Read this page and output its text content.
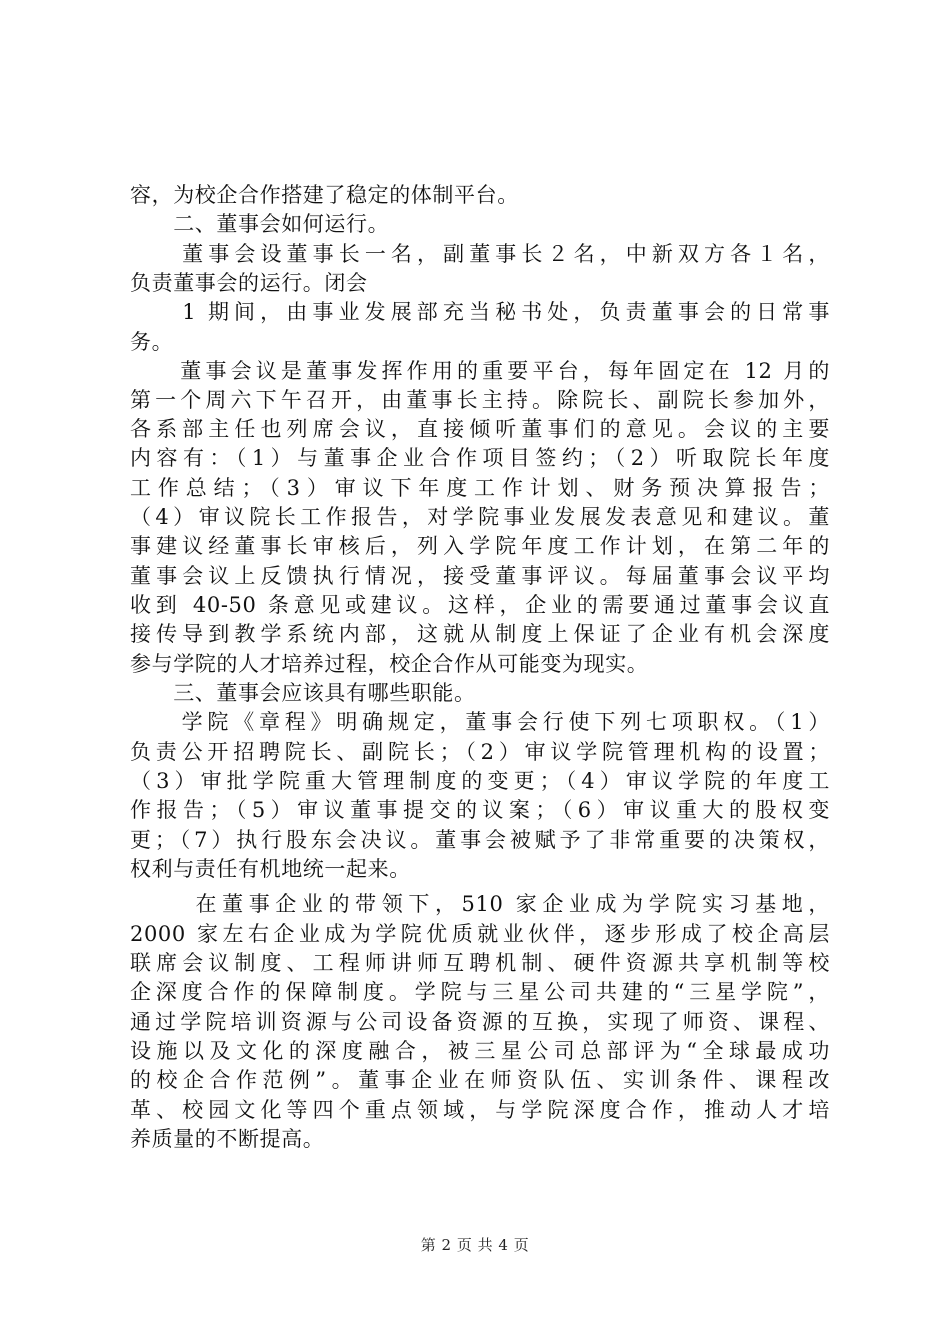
容，为校企合作搭建了稳定的体制平台。
　　二、董事会如何运行。
　　董事会设董事长一名，副董事长２名，中新双方各１名，
负责董事会的运行。闭会
　　1 期间，由事业发展部充当秘书处，负责董事会的日常事
务。
　　董事会议是董事发挥作用的重要平台，每年固定在 12 月的
第一个周六下午召开，由董事长主持。除院长、副院长参加外，
各系部主任也列席会议，直接倾听董事们的意见。会议的主要
内容有：（1）与董事企业合作项目签约；（2）听取院长年度
工作总结；（3）审议下年度工作计划、财务预决算报告；
（4）审议院长工作报告，对学院事业发展发表意见和建议。董
事建议经董事长审核后，列入学院年度工作计划，在第二年的
董事会议上反馈执行情况，接受董事评议。每届董事会议平均
收到 40-50 条意见或建议。这样，企业的需要通过董事会议直
接传导到教学系统内部，这就从制度上保证了企业有机会深度
参与学院的人才培养过程，校企合作从可能变为现实。
　　三、董事会应该具有哪些职能。
　　学院《章程》明确规定，董事会行使下列七项职权。（1）
负责公开招聘院长、副院长；（2）审议学院管理机构的设置；
（3）审批学院重大管理制度的变更；（4）审议学院的年度工
作报告；（5）审议董事提交的议案；（6）审议重大的股权变
更；（7）执行股东会决议。董事会被赋予了非常重要的决策权，
权利与责任有机地统一起来。
　　 在董事企业的带领下，510 家企业成为学院实习基地，
2000 家左右企业成为学院优质就业伙伴，逐步形成了校企高层
联席会议制度、工程师讲师互聘机制、硬件资源共享机制等校
企深度合作的保障制度。学院与三星公司共建的“三星学院”，
通过学院培训资源与公司设备资源的互换，实现了师资、课程、
设施以及文化的深度融合，被三星公司总部评为“全球最成功
的校企合作范例”。董事企业在师资队伍、实训条件、课程改
革、校园文化等四个重点领域，与学院深度合作，推动人才培
养质量的不断提高。
第 2 页 共 4 页
